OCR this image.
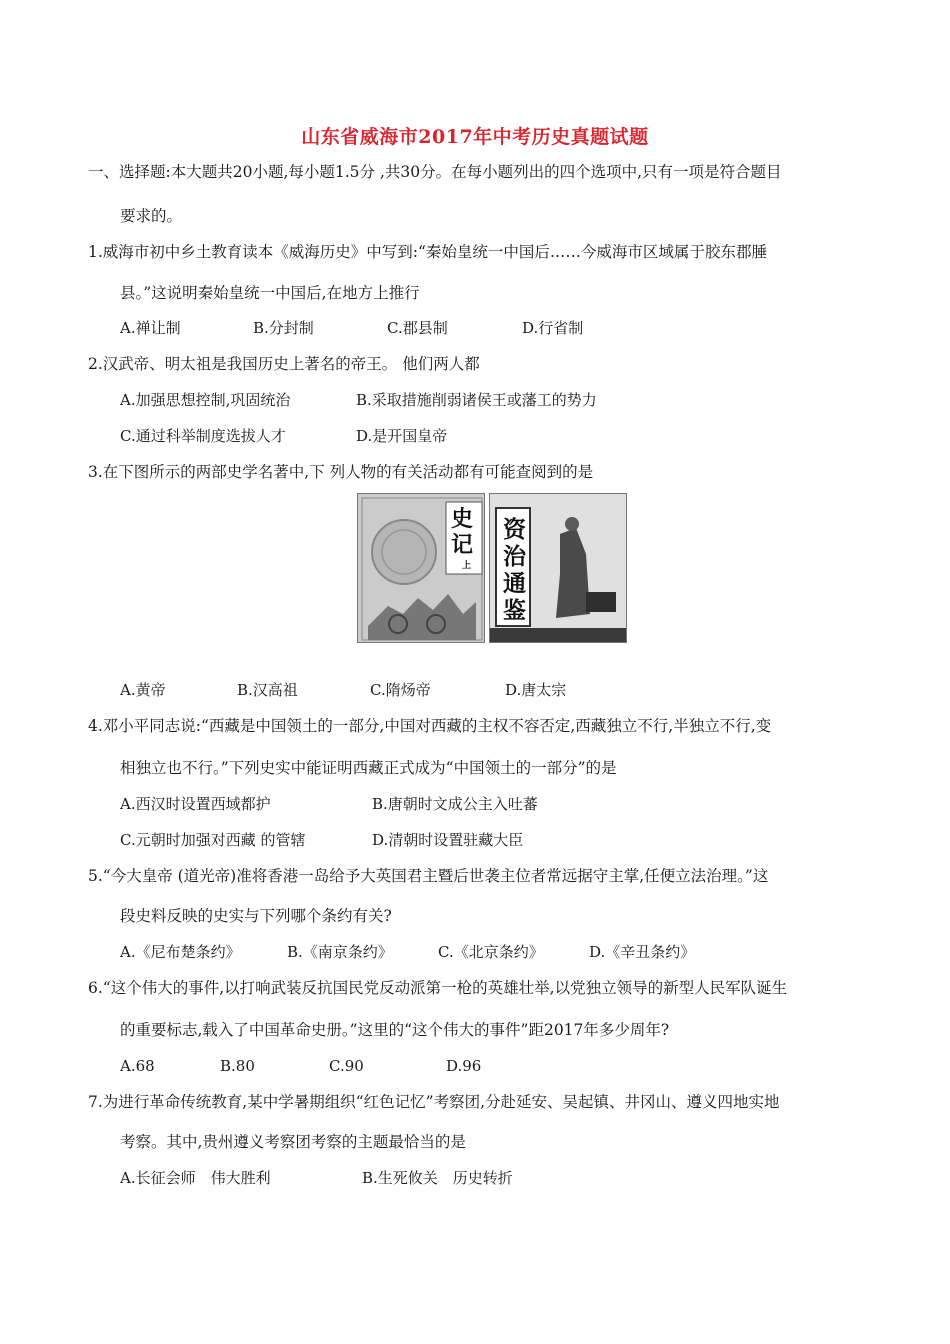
山东省威海市2017年中考历史真题试题
一、选择题:本大题共20小题,每小题1.5分 ,共30分。在每小题列出的四个选项中,只有一项是符合题目
要求的。
1.威海市初中乡土教育读本《威海历史》中写到:“秦始皇统一中国后……今威海市区域属于胶东郡腄
县。”这说明秦始皇统一中国后,在地方上推行
A.禅让制	B.分封制	C.郡县制	D.行省制
2.汉武帝、明太祖是我国历史上著名的帝王。 他们两人都
A.加强思想控制,巩固统治	B.采取措施削弱诸侯王或藩工的势力
C.通过科举制度选拔人才	D.是开国皇帝
3.在下图所示的两部史学名著中,下 列人物的有关活动都有可能查阅到的是
史记
上
资治通鉴
A.黄帝	B.汉高祖	C.隋炀帝	D.唐太宗
4.邓小平同志说:“西藏是中国领土的一部分,中国对西藏的主权不容否定,西藏独立不行,半独立不行,变
相独立也不行。”下列史实中能证明西藏正式成为“中国领土的一部分”的是
A.西汉时设置西域都护	B.唐朝时文成公主入吐蕃
C.元朝时加强对西藏 的管辖	D.清朝时设置驻藏大臣
5.“今大皇帝 (道光帝)准将香港一岛给予大英国君主暨后世袭主位者常远据守主掌,任便立法治理。”这
段史料反映的史实与下列哪个条约有关?
A.《尼布楚条约》	B.《南京条约》	C.《北京条约》	D.《辛丑条约》
6.“这个伟大的事件,以打响武装反抗国民党反动派第一枪的英雄壮举,以党独立领导的新型人民军队诞生
的重要标志,载入了中国革命史册。”这里的“这个伟大的事件”距2017年多少周年?
A.68	B.80	C.90	D.96
7.为进行革命传统教育,某中学暑期组织“红色记忆”考察团,分赴延安、吴起镇、井冈山、遵义四地实地
考察。其中,贵州遵义考察团考察的主题最恰当的是
A.长征会师　伟大胜利	B.生死攸关　历史转折
